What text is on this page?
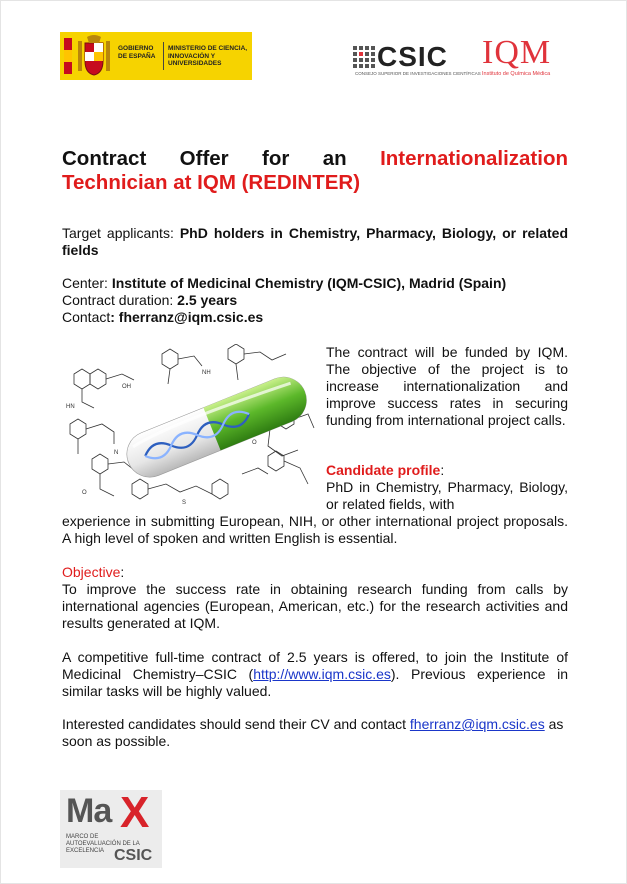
GOBIERNO DE ESPAÑA
MINISTERIO DE CIENCIA, INNOVACIÓN Y UNIVERSIDADES	CSIC
CONSEJO SUPERIOR DE INVESTIGACIONES CIENTÍFICAS
IQM
Instituto de Química Médica
Contract Offer for an Internationalization Technician at IQM (REDINTER)
Target applicants: PhD holders in Chemistry, Pharmacy, Biology, or related fields
Center: Institute of Medicinal Chemistry (IQM-CSIC), Madrid (Spain)
Contract duration: 2.5 years
Contact: fherranz@iqm.csic.es
OH
HN
N
S
O
O
NH
The contract will be funded by IQM. The objective of the project is to increase internationalization and improve success rates in securing funding from international project calls.
Candidate profile:
PhD in Chemistry, Pharmacy, Biology, or related fields, with
experience in submitting European, NIH, or other international project proposals. A high level of spoken and written English is essential.
Objective:
To improve the success rate in obtaining research funding from calls by international agencies (European, American, etc.) for the research activities and results generated at IQM.
A competitive full-time contract of 2.5 years is offered, to join the Institute of Medicinal Chemistry–CSIC (http://www.iqm.csic.es). Previous experience in similar tasks will be highly valued.
Interested candidates should send their CV and contact fherranz@iqm.csic.es as soon as possible.
Ma X
MARCO DE
AUTOEVALUACIÓN DE LA
EXCELENCIA CSIC
